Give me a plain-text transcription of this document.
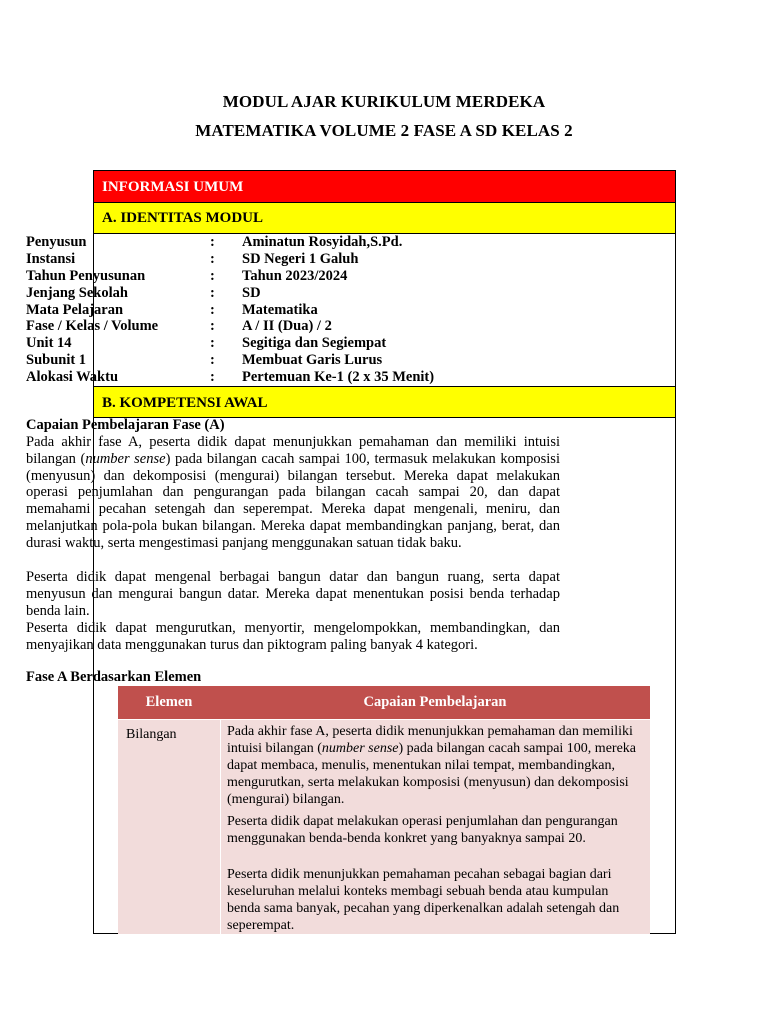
MODUL AJAR KURIKULUM MERDEKA
MATEMATIKA VOLUME 2 FASE A SD KELAS 2
INFORMASI UMUM
A. IDENTITAS MODUL
B. KOMPETENSI AWAL
Penyusun	: Aminatun Rosyidah,S.Pd.
Instansi	: SD Negeri 1 Galuh
Tahun Penyusunan	: Tahun 2023/2024
Jenjang Sekolah	: SD
Mata Pelajaran	: Matematika
Fase / Kelas / Volume	: A / II (Dua) / 2
Unit 14	: Segitiga dan Segiempat
Subunit 1	: Membuat Garis Lurus
Alokasi Waktu	: Pertemuan Ke-1 (2 x 35 Menit)
Capaian Pembelajaran Fase (A)
Pada akhir fase A, peserta didik dapat menunjukkan pemahaman dan memiliki intuisi bilangan (number sense) pada bilangan cacah sampai 100, termasuk melakukan komposisi (menyusun) dan dekomposisi (mengurai) bilangan tersebut. Mereka dapat melakukan operasi penjumlahan dan pengurangan pada bilangan cacah sampai 20, dan dapat memahami pecahan setengah dan seperempat. Mereka dapat mengenali, meniru, dan melanjutkan pola-pola bukan bilangan. Mereka dapat membandingkan panjang, berat, dan durasi waktu, serta mengestimasi panjang menggunakan satuan tidak baku.
Peserta didik dapat mengenal berbagai bangun datar dan bangun ruang, serta dapat menyusun dan mengurai bangun datar. Mereka dapat menentukan posisi benda terhadap benda lain.
Peserta didik dapat mengurutkan, menyortir, mengelompokkan, membandingkan, dan menyajikan data menggunakan turus dan piktogram paling banyak 4 kategori.
Fase A Berdasarkan Elemen
Elemen	Capaian Pembelajaran
Bilangan	Pada akhir fase A, peserta didik menunjukkan pemahaman dan memiliki intuisi bilangan (number sense) pada bilangan cacah sampai 100, mereka dapat membaca, menulis, menentukan nilai tempat, membandingkan, mengurutkan, serta melakukan komposisi (menyusun) dan dekomposisi (mengurai) bilangan.
Peserta didik dapat melakukan operasi penjumlahan dan pengurangan menggunakan benda-benda konkret yang banyaknya sampai 20.
Peserta didik menunjukkan pemahaman pecahan sebagai bagian dari keseluruhan melalui konteks membagi sebuah benda atau kumpulan benda sama banyak, pecahan yang diperkenalkan adalah setengah dan seperempat.
